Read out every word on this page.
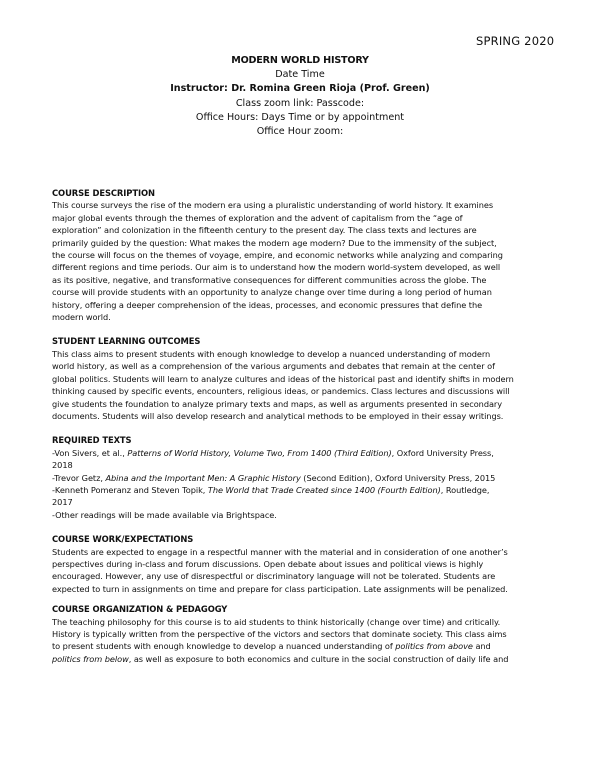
SPRING 2020
MODERN WORLD HISTORY
Date Time
Instructor: Dr. Romina Green Rioja (Prof. Green)
Class zoom link: Passcode:
Office Hours: Days Time or by appointment
Office Hour zoom:
COURSE DESCRIPTION
This course surveys the rise of the modern era using a pluralistic understanding of world history. It examines
major global events through the themes of exploration and the advent of capitalism from the “age of
exploration” and colonization in the fifteenth century to the present day. The class texts and lectures are
primarily guided by the question: What makes the modern age modern? Due to the immensity of the subject,
the course will focus on the themes of voyage, empire, and economic networks while analyzing and comparing
different regions and time periods. Our aim is to understand how the modern world-system developed, as well
as its positive, negative, and transformative consequences for different communities across the globe. The
course will provide students with an opportunity to analyze change over time during a long period of human
history, offering a deeper comprehension of the ideas, processes, and economic pressures that define the
modern world.
STUDENT LEARNING OUTCOMES
This class aims to present students with enough knowledge to develop a nuanced understanding of modern
world history, as well as a comprehension of the various arguments and debates that remain at the center of
global politics. Students will learn to analyze cultures and ideas of the historical past and identify shifts in modern
thinking caused by specific events, encounters, religious ideas, or pandemics. Class lectures and discussions will
give students the foundation to analyze primary texts and maps, as well as arguments presented in secondary
documents. Students will also develop research and analytical methods to be employed in their essay writings.
REQUIRED TEXTS
-Von Sivers, et al., Patterns of World History, Volume Two, From 1400 (Third Edition), Oxford University Press,
2018
-Trevor Getz, Abina and the Important Men: A Graphic History (Second Edition), Oxford University Press, 2015
-Kenneth Pomeranz and Steven Topik, The World that Trade Created since 1400 (Fourth Edition), Routledge,
2017
-Other readings will be made available via Brightspace.
COURSE WORK/EXPECTATIONS
Students are expected to engage in a respectful manner with the material and in consideration of one another’s
perspectives during in-class and forum discussions. Open debate about issues and political views is highly
encouraged. However, any use of disrespectful or discriminatory language will not be tolerated. Students are
expected to turn in assignments on time and prepare for class participation. Late assignments will be penalized.
COURSE ORGANIZATION & PEDAGOGY
The teaching philosophy for this course is to aid students to think historically (change over time) and critically.
History is typically written from the perspective of the victors and sectors that dominate society. This class aims
to present students with enough knowledge to develop a nuanced understanding of politics from above and
politics from below, as well as exposure to both economics and culture in the social construction of daily life and
